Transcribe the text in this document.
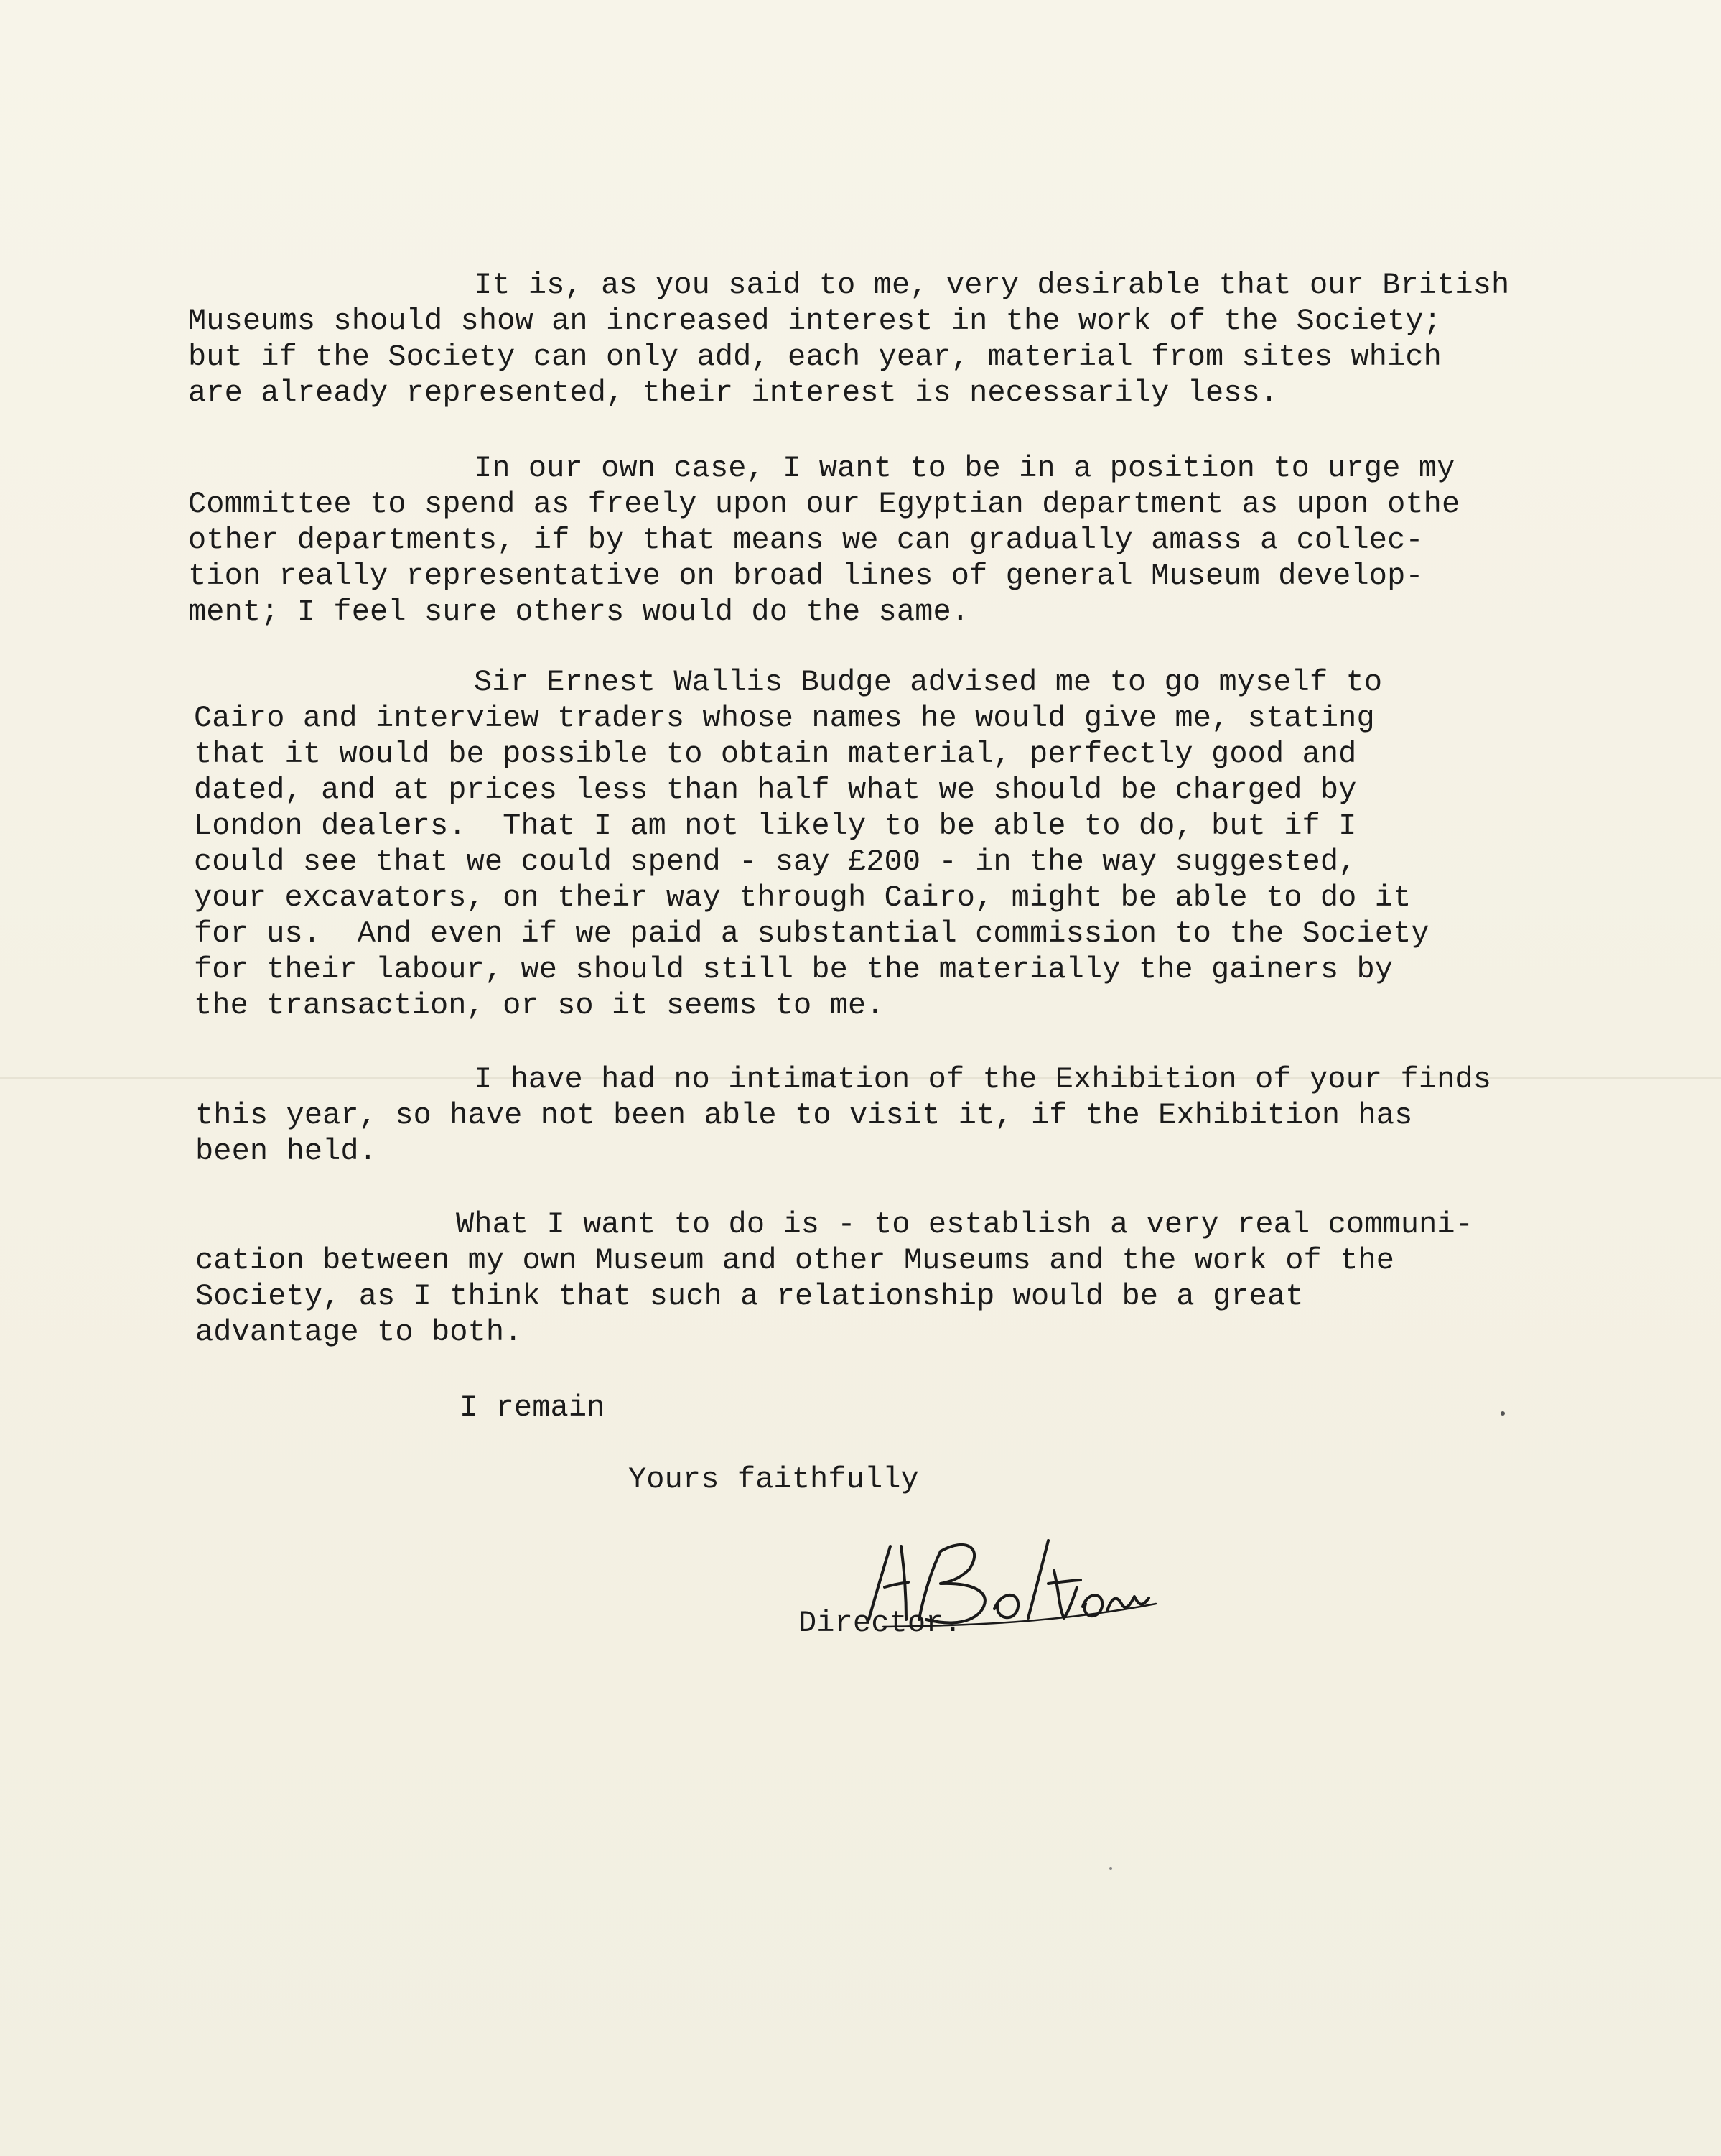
It is, as you said to me, very desirable that our British
Museums should show an increased interest in the work of the Society;
but if the Society can only add, each year, material from sites which
are already represented, their interest is necessarily less.
In our own case, I want to be in a position to urge my
Committee to spend as freely upon our Egyptian department as upon othe
other departments, if by that means we can gradually amass a collec-
tion really representative on broad lines of general Museum develop-
ment; I feel sure others would do the same.
Sir Ernest Wallis Budge advised me to go myself to
Cairo and interview traders whose names he would give me, stating
that it would be possible to obtain material, perfectly good and
dated, and at prices less than half what we should be charged by
London dealers.  That I am not likely to be able to do, but if I
could see that we could spend - say £200 - in the way suggested,
your excavators, on their way through Cairo, might be able to do it
for us.  And even if we paid a substantial commission to the Society
for their labour, we should still be the materially the gainers by
the transaction, or so it seems to me.
I have had no intimation of the Exhibition of your finds
this year, so have not been able to visit it, if the Exhibition has
been held.
What I want to do is - to establish a very real communi-
cation between my own Museum and other Museums and the work of the
Society, as I think that such a relationship would be a great
advantage to both.
I remain
Yours faithfully
Director.
